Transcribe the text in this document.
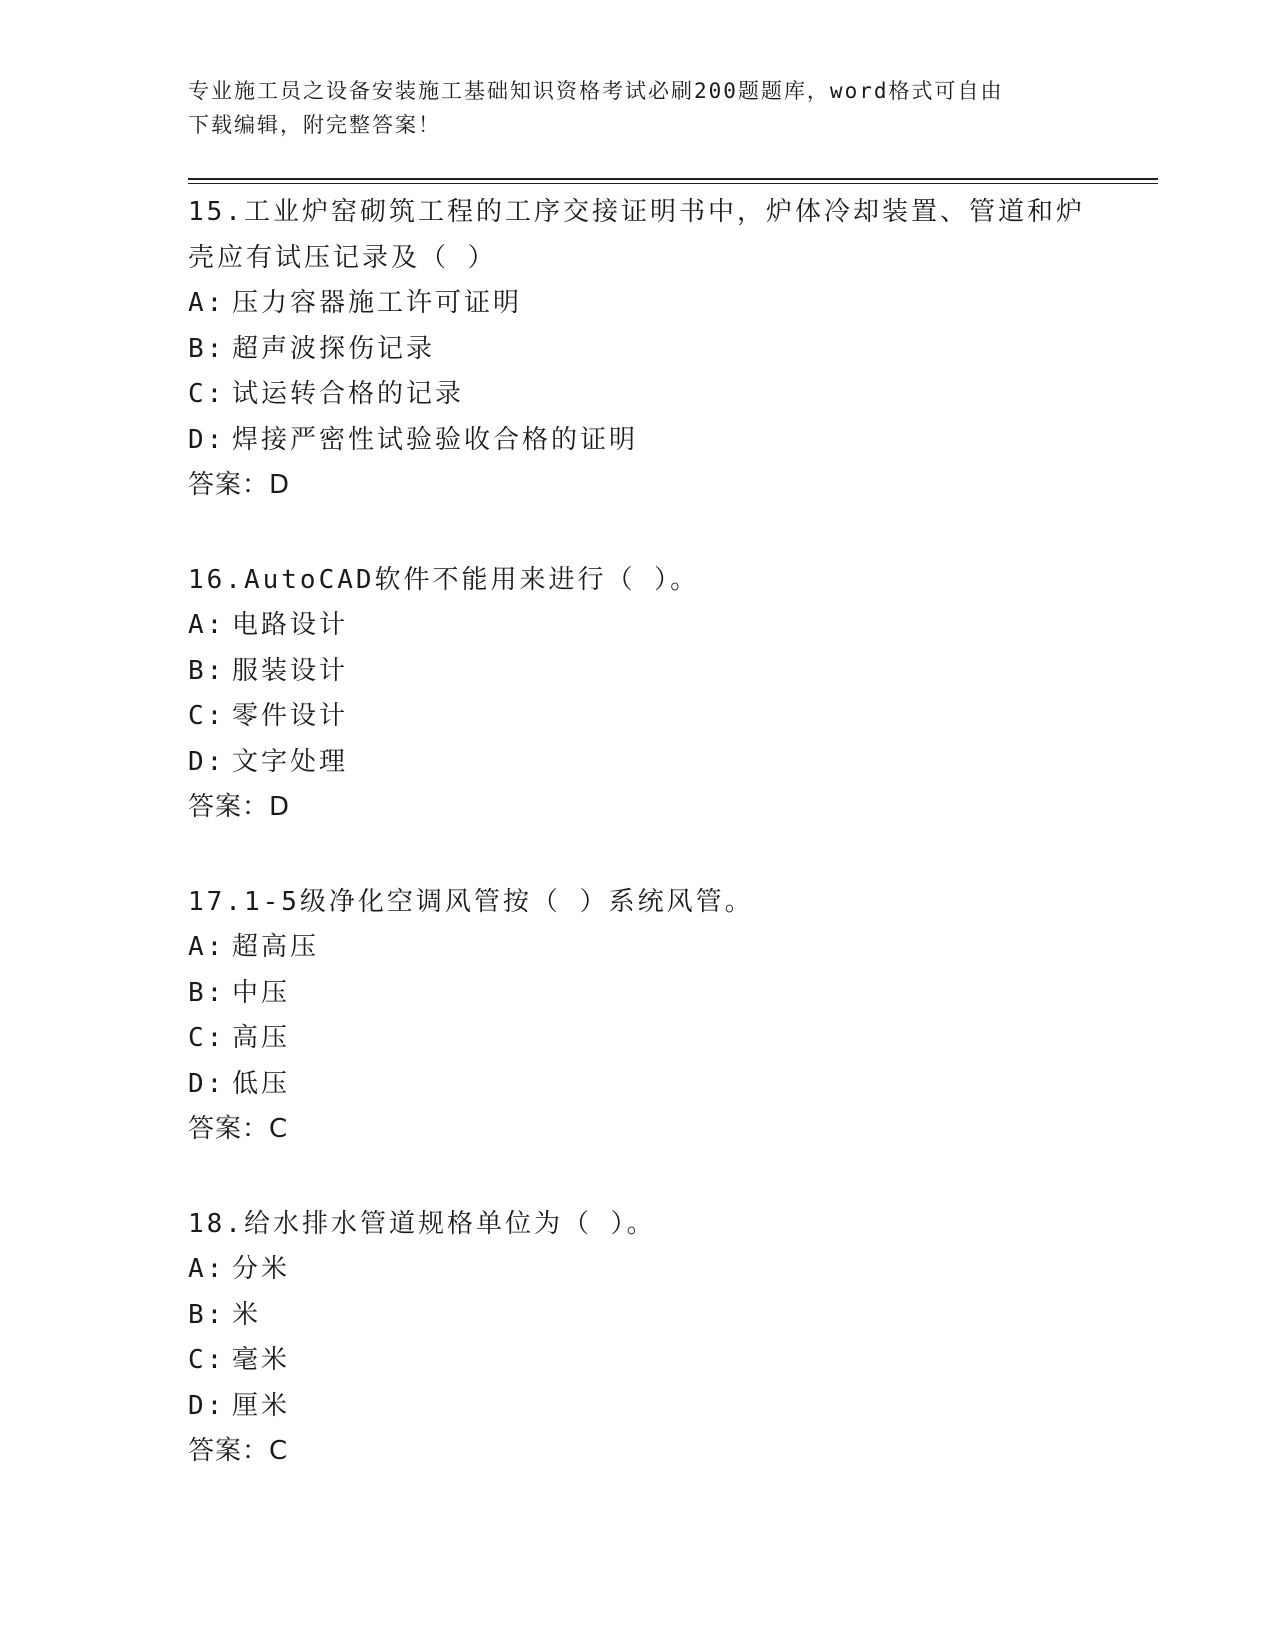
专业施工员之设备安装施工基础知识资格考试必刷200题题库，word格式可自由
下载编辑，附完整答案！
15.工业炉窑砌筑工程的工序交接证明书中，炉体冷却装置、管道和炉
壳应有试压记录及（ ）
A: 压力容器施工许可证明
B: 超声波探伤记录
C: 试运转合格的记录
D: 焊接严密性试验验收合格的证明
答案：D
16.AutoCAD软件不能用来进行（ ）。
A: 电路设计
B: 服装设计
C: 零件设计
D: 文字处理
答案：D
17.1-5级净化空调风管按（ ）系统风管。
A: 超高压
B: 中压
C: 高压
D: 低压
答案：C
18.给水排水管道规格单位为（ ）。
A: 分米
B: 米
C: 毫米
D: 厘米
答案：C
